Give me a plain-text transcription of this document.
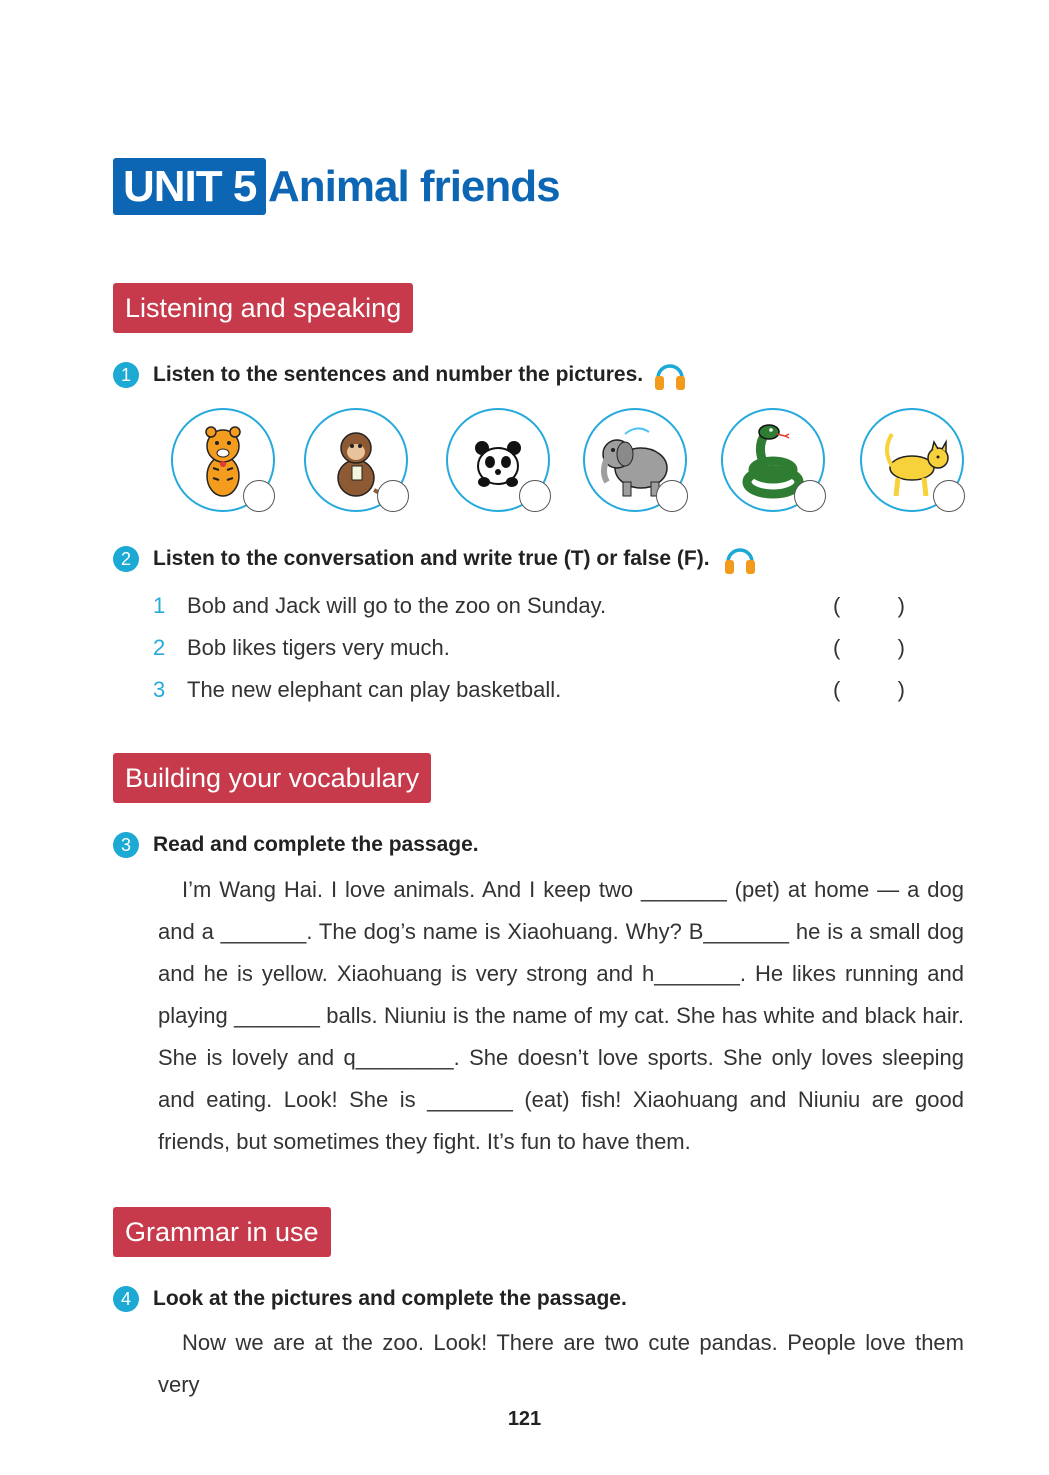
UNIT 5 Animal friends
Listening and speaking
1	Listen to the sentences and number the pictures.
2	Listen to the conversation and write true (T) or false (F).
1 Bob and Jack will go to the zoo on Sunday.	(	)
2 Bob likes tigers very much.	(	)
3 The new elephant can play basketball.	(	)
Building your vocabulary
3	Read and complete the passage.
I’m Wang Hai. I love animals. And I keep two _______ (pet) at home — a dog and a _______. The dog’s name is Xiaohuang. Why? B_______ he is a small dog and he is yellow. Xiaohuang is very strong and h_______. He likes running and playing _______ balls. Niuniu is the name of my cat. She has white and black hair. She is lovely and q________. She doesn’t love sports. She only loves sleeping and eating. Look! She is _______ (eat) fish! Xiaohuang and Niuniu are good friends, but sometimes they fight. It’s fun to have them.
Grammar in use
4	Look at the pictures and complete the passage.
Now we are at the zoo. Look! There are two cute pandas. People love them very
121
